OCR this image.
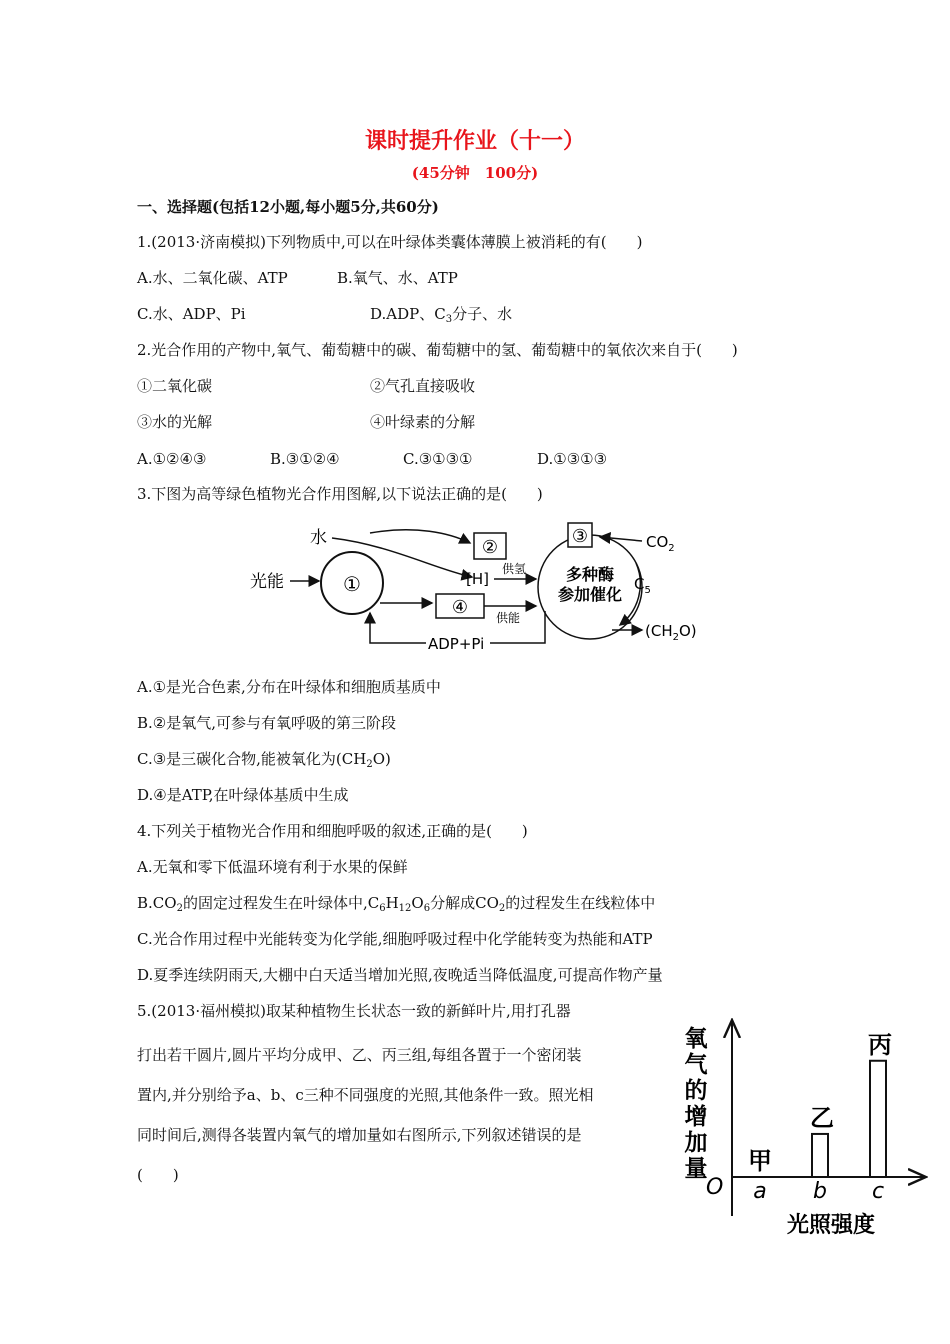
课时提升作业（十一）
(45分钟　100分)
一、选择题(包括12小题,每小题5分,共60分)
1.(2013·济南模拟)下列物质中,可以在叶绿体类囊体薄膜上被消耗的有(　　)
A.水、二氧化碳、ATP	B.氧气、水、ATP
C.水、ADP、Pi	D.ADP、$C_3$分子、水
2.光合作用的产物中,氧气、葡萄糖中的碳、葡萄糖中的氢、葡萄糖中的氧依次来自于(　　)
①二氧化碳	②气孔直接吸收
③水的光解	④叶绿素的分解
A.①②④③	B.③①②④	C.③①③①	D.①③①③
3.下图为高等绿色植物光合作用图解,以下说法正确的是(　　)
①
光能
水	②
[H]
供氢
④ 供能
ADP+Pi
③
多种酶
参加催化
$CO_2$
$C_5$
$(CH_2O)$
A.①是光合色素,分布在叶绿体和细胞质基质中
B.②是氧气,可参与有氧呼吸的第三阶段
C.③是三碳化合物,能被氧化为$(CH_2O)$
D.④是ATP,在叶绿体基质中生成
4.下列关于植物光合作用和细胞呼吸的叙述,正确的是(　　)
A.无氧和零下低温环境有利于水果的保鲜
$B.CO_2$的固定过程发生在叶绿体中$,C_6H_{12}O_6$分解成$CO_2$的过程发生在线粒体中
C.光合作用过程中光能转变为化学能,细胞呼吸过程中化学能转变为热能和ATP
D.夏季连续阴雨天,大棚中白天适当增加光照,夜晚适当降低温度,可提高作物产量
5.(2013·福州模拟)取某种植物生长状态一致的新鲜叶片,用打孔器
打出若干圆片,圆片平均分成甲、乙、丙三组,每组各置于一个密闭装
置内,并分别给予a、b、c三种不同强度的光照,其他条件一致。照光相
同时间后,测得各装置内氧气的增加量如右图所示,下列叙述错误的是
(　　)
氧
气
的
增
加
量
O
光照强度
a
甲
b
乙
c
丙
